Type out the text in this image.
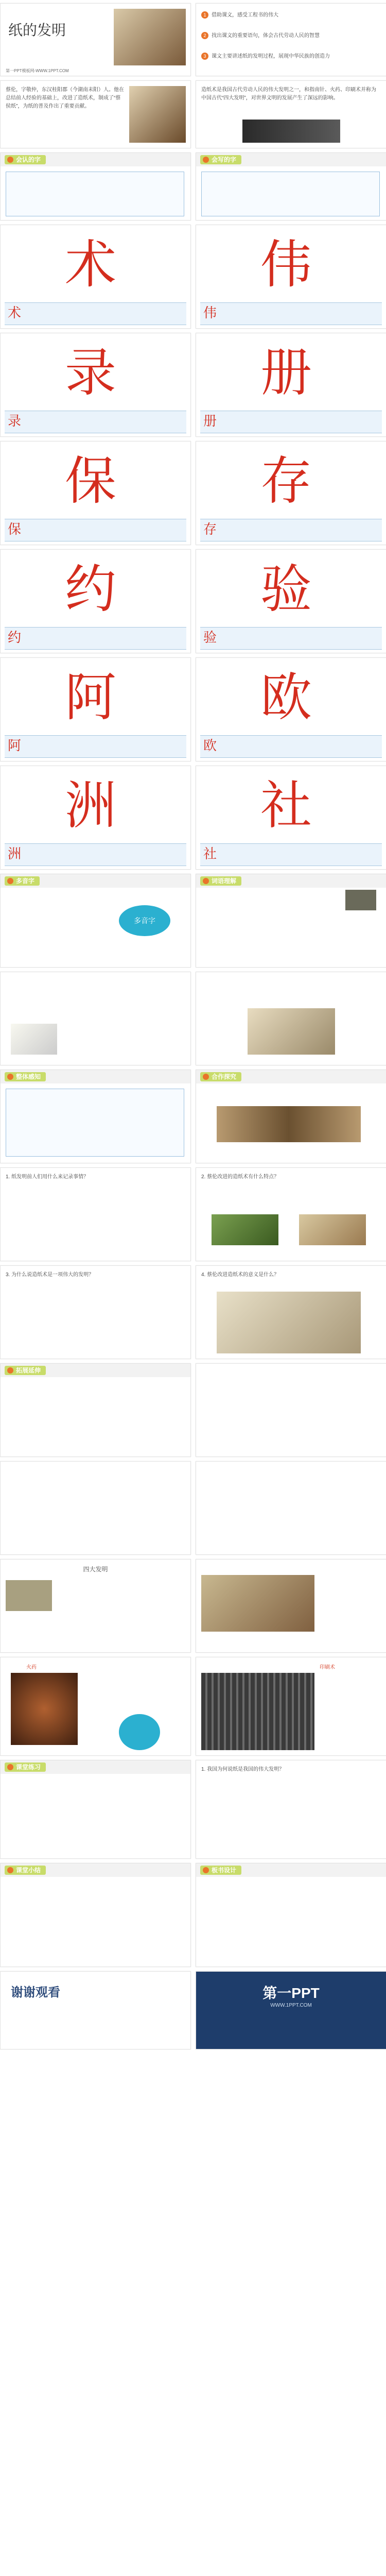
纸的发明
第一PPT模板网-WWW.1PPT.COM
1 借助课文，感受工程书的伟大
2 找出课文的重要语句，体会古代劳动人民的智慧
3 课文主要讲述纸的发明过程，展现中华民族的创造力
蔡伦，字敬仲，东汉桂阳郡（今湖南耒阳）人。他在总结前人经验的基础上，改进了造纸术，制成了“蔡侯纸”，为纸的普及作出了重要贡献。
造纸术是我国古代劳动人民的伟大发明之一，和指南针、火药、印刷术并称为中国古代“四大发明”，对世界文明的发展产生了深远的影响。
会认的字	会写的字
术
术
伟
伟
录
录
册
册
保
保
存
存
约
约
验
验
阿
阿
欧
欧
洲
洲
社
社
多音字
多音字
词语理解
整体感知	合作探究
1. 纸发明前人们用什么来记录事情？	2. 蔡伦改进的造纸术有什么特点？
3. 为什么说造纸术是一项伟大的发明？	4. 蔡伦改进造纸术的意义是什么？
拓展延伸
四大发明
火药	印刷术
课堂练习	1. 我国为何说纸是我国的伟大发明？
课堂小结	板书设计
谢谢观看	第一PPT
WWW.1PPT.COM
